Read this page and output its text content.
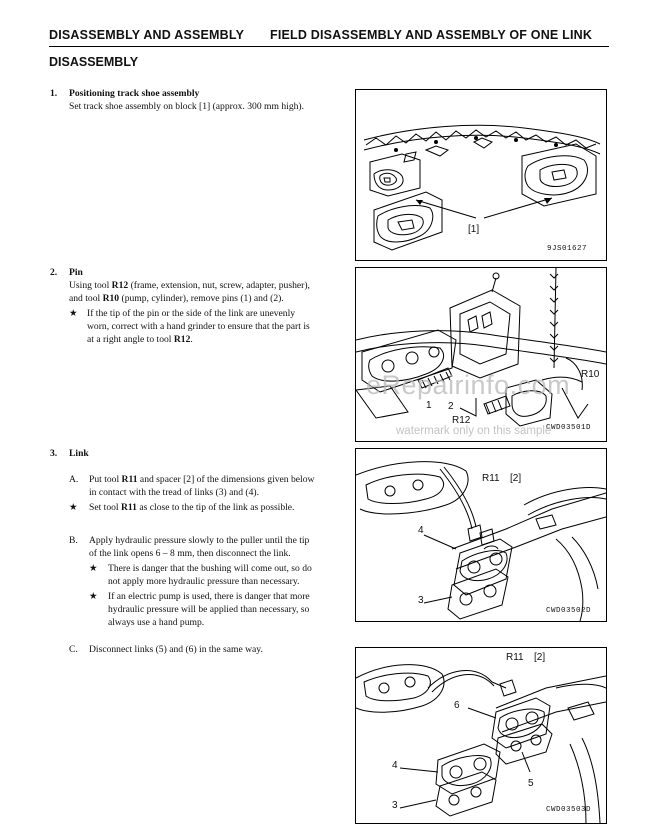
DISASSEMBLY AND ASSEMBLY FIELD DISASSEMBLY AND ASSEMBLY OF ONE LINK
DISASSEMBLY
1. Positioning track shoe assembly
Set track shoe assembly on block [1] (approx. 300 mm high).
2. Pin
Using tool R12 (frame, extension, nut, screw, adapter, pusher),
and tool R10 (pump, cylinder), remove pins (1) and (2).
★ If the tip of the pin or the side of the link are unevenly
worn, correct with a hand grinder to ensure that the part is
at a right angle to tool R12.
3. Link
A. Put tool R11 and spacer [2] of the dimensions given below
in contact with the tread of links (3) and (4).
★ Set tool R11 as close to the tip of the link as possible.
B. Apply hydraulic pressure slowly to the puller until the tip
of the link opens 6 – 8 mm, then disconnect the link.
★ There is danger that the bushing will come out, so do
not apply more hydraulic pressure than necessary.
★ If an electric pump is used, there is danger that more
hydraulic pressure will be applied than necessary, so
always use a hand pump.
C. Disconnect links (5) and (6) in the same way.
[1]
9JS01627
R10
1 2
R12
CWD03501D
R11 [2]
4
3
CWD03502D
R11 [2]
6
4
5
3	CWD03503D
eRepairinfo.com
watermark only on this sample
